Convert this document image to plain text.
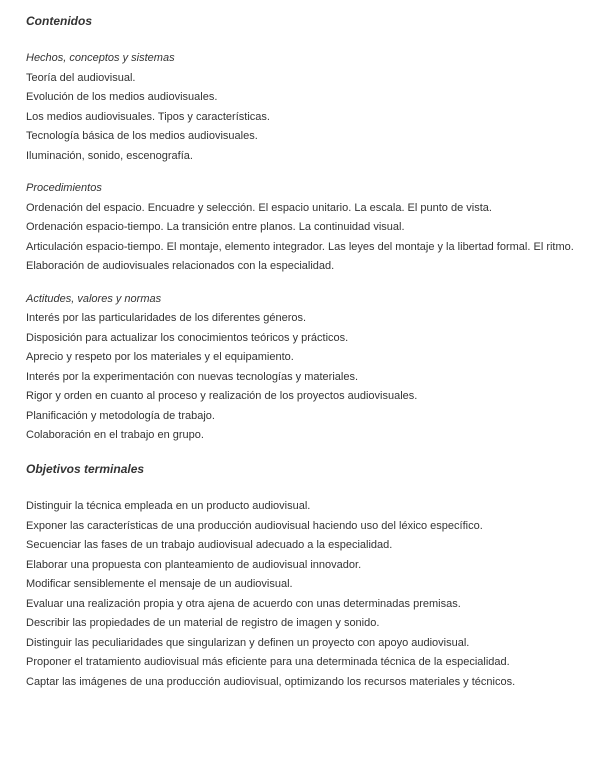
Contenidos

Hechos, conceptos y sistemas

Teoría del audiovisual.

Evolución de los medios audiovisuales.

Los medios audiovisuales. Tipos y características.

Tecnología básica de los medios audiovisuales.

Iluminación, sonido, escenografía.

Procedimientos

Ordenación del espacio. Encuadre y selección. El espacio unitario. La escala. El punto de vista.

Ordenación espacio-tiempo. La transición entre planos. La continuidad visual.

Articulación espacio-tiempo. El montaje, elemento integrador. Las leyes del montaje y la libertad formal. El ritmo.

Elaboración de audiovisuales relacionados con la especialidad.

Actitudes, valores y normas

Interés por las particularidades de los diferentes géneros.

Disposición para actualizar los conocimientos teóricos y prácticos.

Aprecio y respeto por los materiales y el equipamiento.

Interés por la experimentación con nuevas tecnologías y materiales.

Rigor y orden en cuanto al proceso y realización de los proyectos audiovisuales.

Planificación y metodología de trabajo.

Colaboración en el trabajo en grupo.

Objetivos terminales

Distinguir la técnica empleada en un producto audiovisual.

Exponer las características de una producción audiovisual haciendo uso del léxico específico.

Secuenciar las fases de un trabajo audiovisual adecuado a la especialidad.

Elaborar una propuesta con planteamiento de audiovisual innovador.

Modificar sensiblemente el mensaje de un audiovisual.

Evaluar una realización propia y otra ajena de acuerdo con unas determinadas premisas.

Describir las propiedades de un material de registro de imagen y sonido.

Distinguir las peculiaridades que singularizan y definen un proyecto con apoyo audiovisual.

Proponer el tratamiento audiovisual más eficiente para una determinada técnica de la especialidad.

Captar las imágenes de una producción audiovisual, optimizando los recursos materiales y técnicos.
